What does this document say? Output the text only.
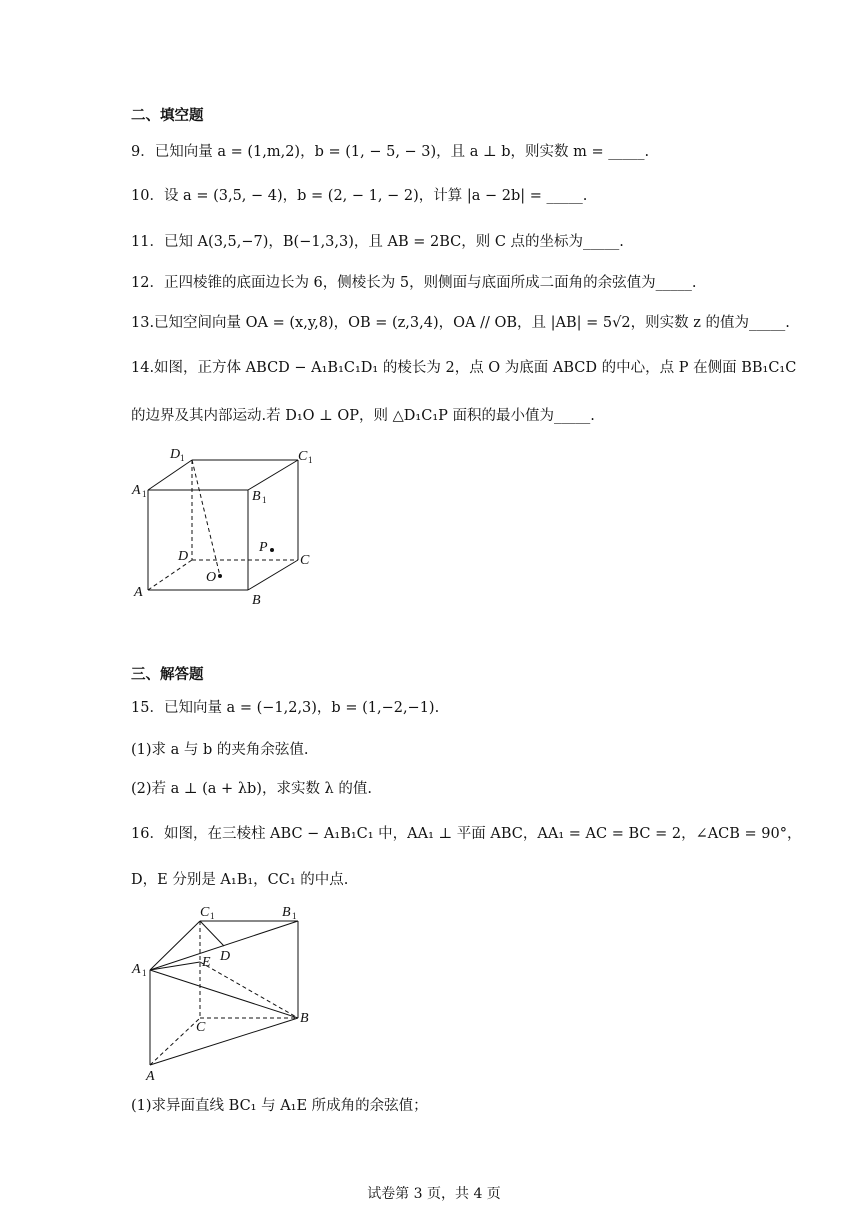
二、填空题
9．已知向量 a = (1,m,2)，b = (1, − 5, − 3)，且 a ⊥ b，则实数 m = _____.
10．设 a = (3,5, − 4)，b = (2, − 1, − 2)，计算 |a − 2b| = _____.
11．已知 A(3,5,−7)，B(−1,3,3)，且 AB = 2BC，则 C 点的坐标为_____.
12．正四棱锥的底面边长为 6，侧棱长为 5，则侧面与底面所成二面角的余弦值为_____.
13.已知空间向量 OA = (x,y,8)，OB = (z,3,4)，OA // OB，且 |AB| = 5√2，则实数 z 的值为_____.
14.如图，正方体 ABCD − A₁B₁C₁D₁ 的棱长为 2，点 O 为底面 ABCD 的中心，点 P 在侧面 BB₁C₁C
的边界及其内部运动.若 D₁O ⊥ OP，则 △D₁C₁P 面积的最小值为_____.
A
B
C
D
A 1	B 1
C 1
D 1
O
P
三、解答题
15．已知向量 a = (−1,2,3)，b = (1,−2,−1).
(1)求 a 与 b 的夹角余弦值.
(2)若 a ⊥ (a + λb)，求实数 λ 的值.
16．如图，在三棱柱 ABC − A₁B₁C₁ 中，AA₁ ⊥ 平面 ABC，AA₁ = AC = BC = 2，∠ACB = 90°，
D，E 分别是 A₁B₁，CC₁ 的中点.
C 1	B 1
A 1
D
E
C
B
A
(1)求异面直线 BC₁ 与 A₁E 所成角的余弦值；
试卷第 3 页，共 4 页
